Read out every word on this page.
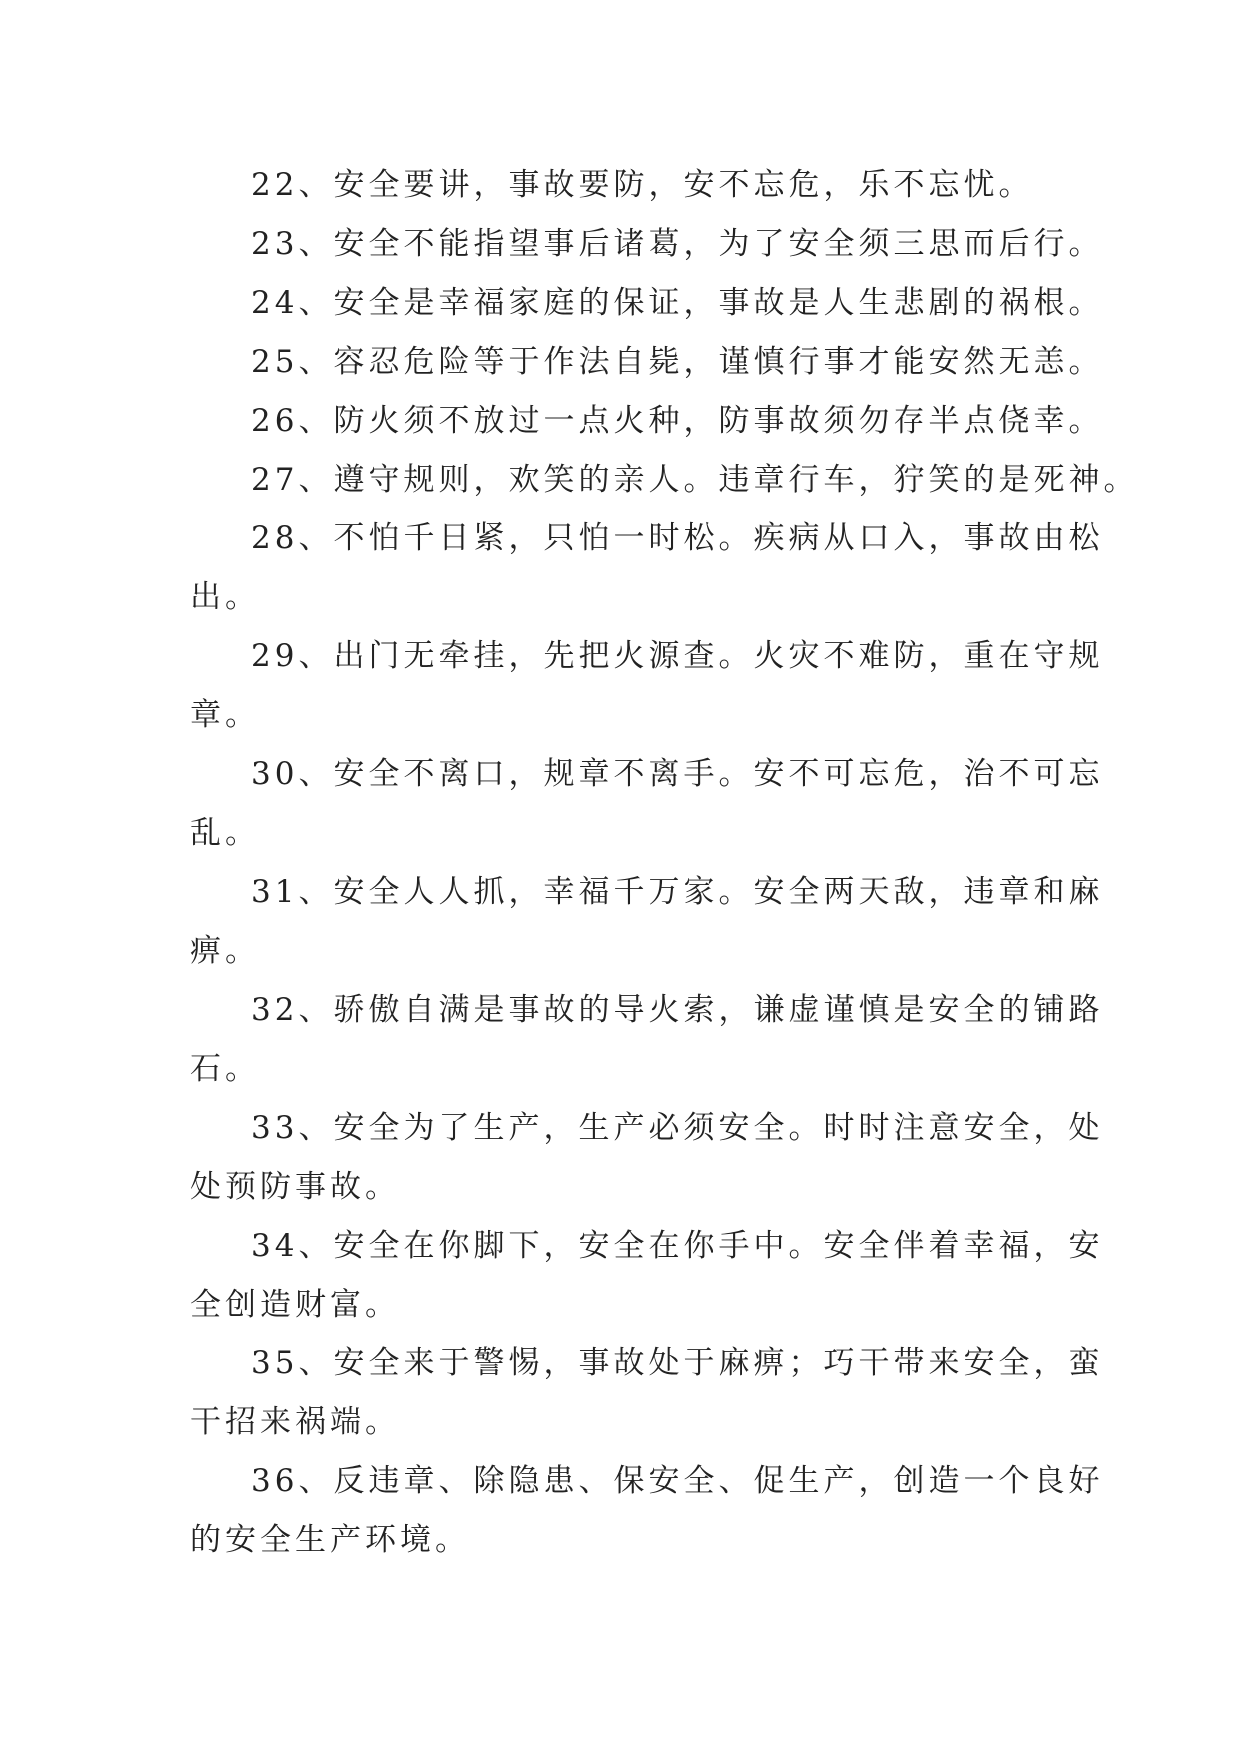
22、安全要讲，事故要防，安不忘危，乐不忘忧。

23、安全不能指望事后诸葛，为了安全须三思而后行。

24、安全是幸福家庭的保证，事故是人生悲剧的祸根。

25、容忍危险等于作法自毙，谨慎行事才能安然无恙。

26、防火须不放过一点火种，防事故须勿存半点侥幸。

27、遵守规则，欢笑的亲人。违章行车，狞笑的是死神。

28、不怕千日紧，只怕一时松。疾病从口入，事故由松

出。

29、出门无牵挂，先把火源查。火灾不难防，重在守规

章。

30、安全不离口，规章不离手。安不可忘危，治不可忘

乱。

31、安全人人抓，幸福千万家。安全两天敌，违章和麻

痹。

32、骄傲自满是事故的导火索，谦虚谨慎是安全的铺路

石。

33、安全为了生产，生产必须安全。时时注意安全，处

处预防事故。

34、安全在你脚下，安全在你手中。安全伴着幸福，安

全创造财富。

35、安全来于警惕，事故处于麻痹；巧干带来安全，蛮

干招来祸端。

36、反违章、除隐患、保安全、促生产，创造一个良好

的安全生产环境。
